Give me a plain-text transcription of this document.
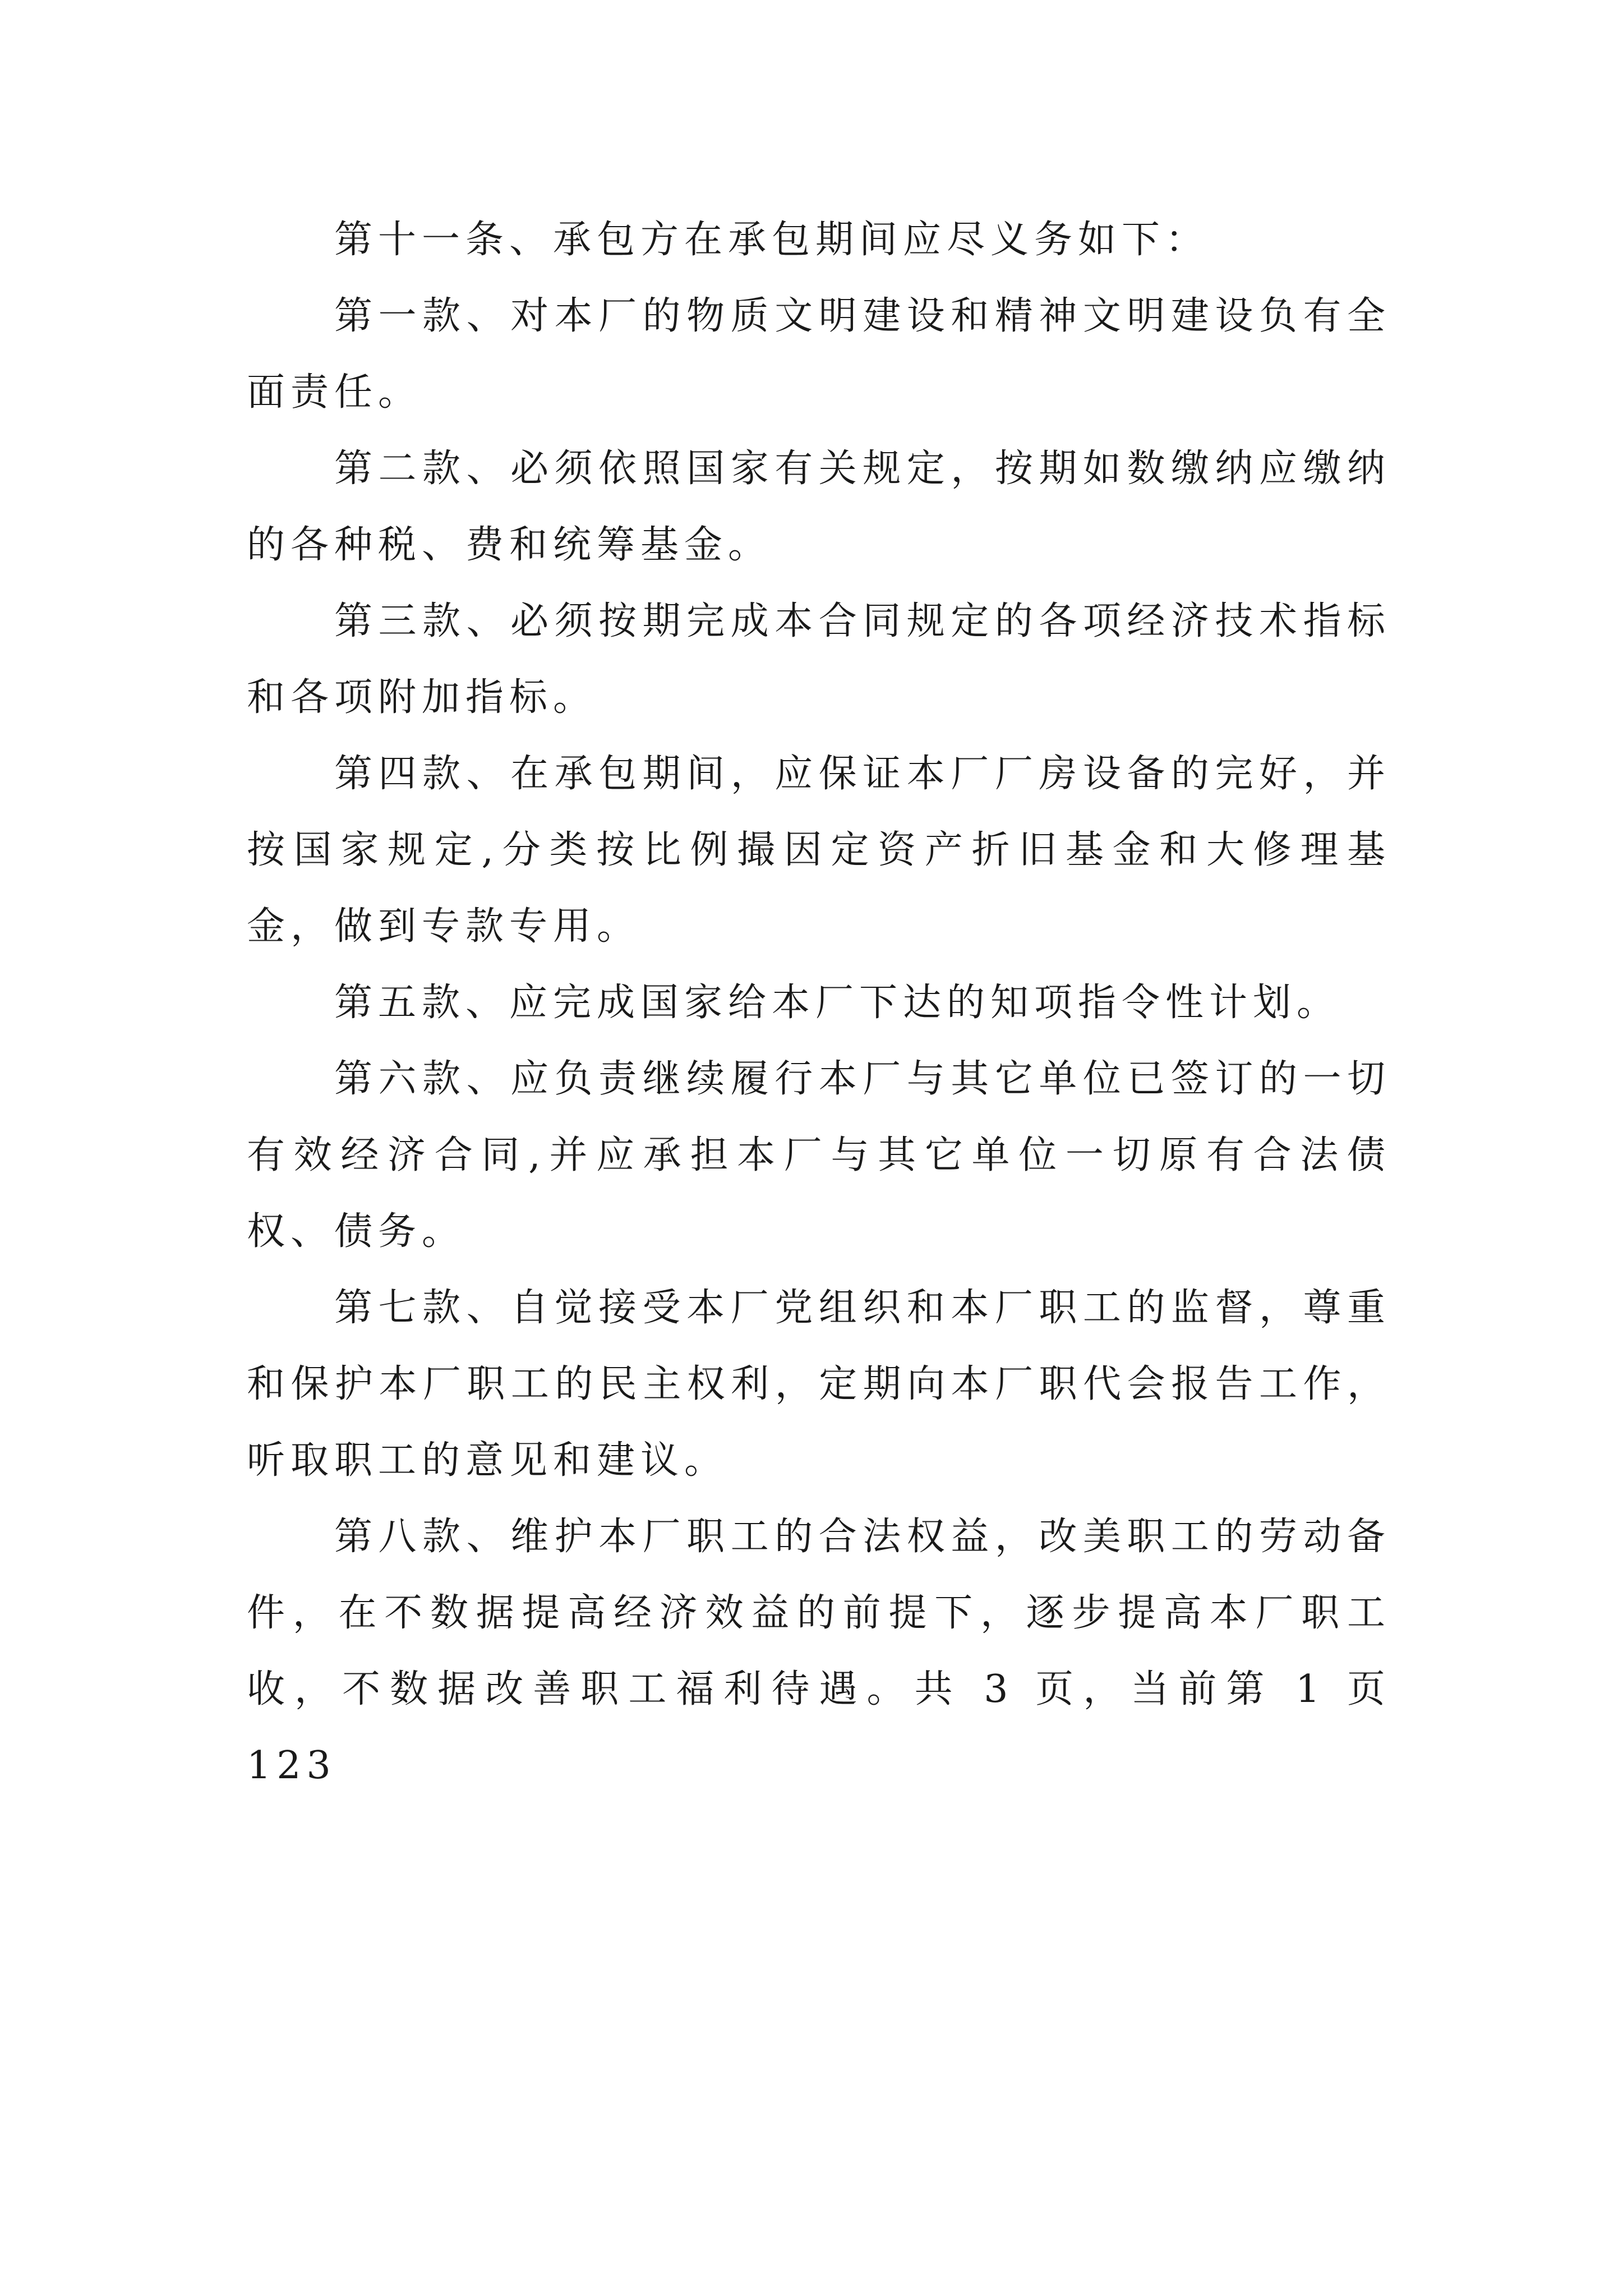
第十一条、承包方在承包期间应尽义务如下：

第一款、对本厂的物质文明建设和精神文明建设负有全面责任。

第二款、必须依照国家有关规定，按期如数缴纳应缴纳的各种税、费和统筹基金。

第三款、必须按期完成本合同规定的各项经济技术指标和各项附加指标。

第四款、在承包期间，应保证本厂厂房设备的完好，并按国家规定,分类按比例撮因定资产折旧基金和大修理基金，做到专款专用。

第五款、应完成国家给本厂下达的知项指令性计划。

第六款、应负责继续履行本厂与其它单位已签订的一切有效经济合同,并应承担本厂与其它单位一切原有合法债权、债务。

第七款、自觉接受本厂党组织和本厂职工的监督，尊重和保护本厂职工的民主权利，定期向本厂职代会报告工作，听取职工的意见和建议。

第八款、维护本厂职工的合法权益，改美职工的劳动备件，在不数据提高经济效益的前提下，逐步提高本厂职工收，不数据改善职工福利待遇。共 3 页，当前第 1 页 123
